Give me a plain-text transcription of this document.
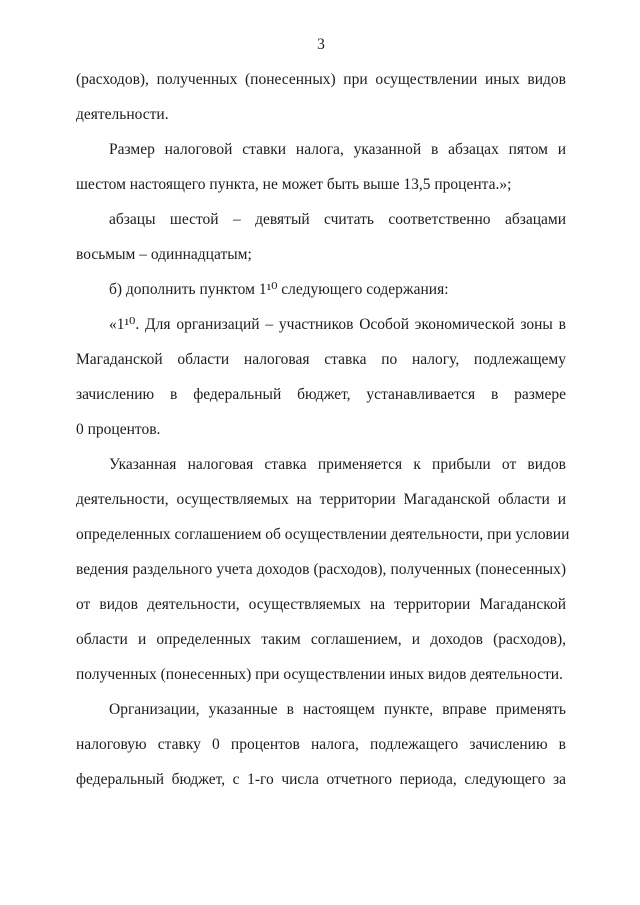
3

(расходов), полученных (понесенных) при осуществлении иных видов
деятельности.

Размер налоговой ставки налога, указанной в абзацах пятом и
шестом настоящего пункта, не может быть выше 13,5 процента.»;

абзацы шестой – девятый считать соответственно абзацами
восьмым – одиннадцатым;

б) дополнить пунктом 1¹⁰ следующего содержания:

«1¹⁰. Для организаций – участников Особой экономической зоны в
Магаданской области налоговая ставка по налогу, подлежащему
зачислению в федеральный бюджет, устанавливается в размере
0 процентов.

Указанная налоговая ставка применяется к прибыли от видов
деятельности, осуществляемых на территории Магаданской области и
определенных соглашением об осуществлении деятельности, при условии
ведения раздельного учета доходов (расходов), полученных (понесенных)
от видов деятельности, осуществляемых на территории Магаданской
области и определенных таким соглашением, и доходов (расходов),
полученных (понесенных) при осуществлении иных видов деятельности.

Организации, указанные в настоящем пункте, вправе применять
налоговую ставку 0 процентов налога, подлежащего зачислению в
федеральный бюджет, с 1-го числа отчетного периода, следующего за
